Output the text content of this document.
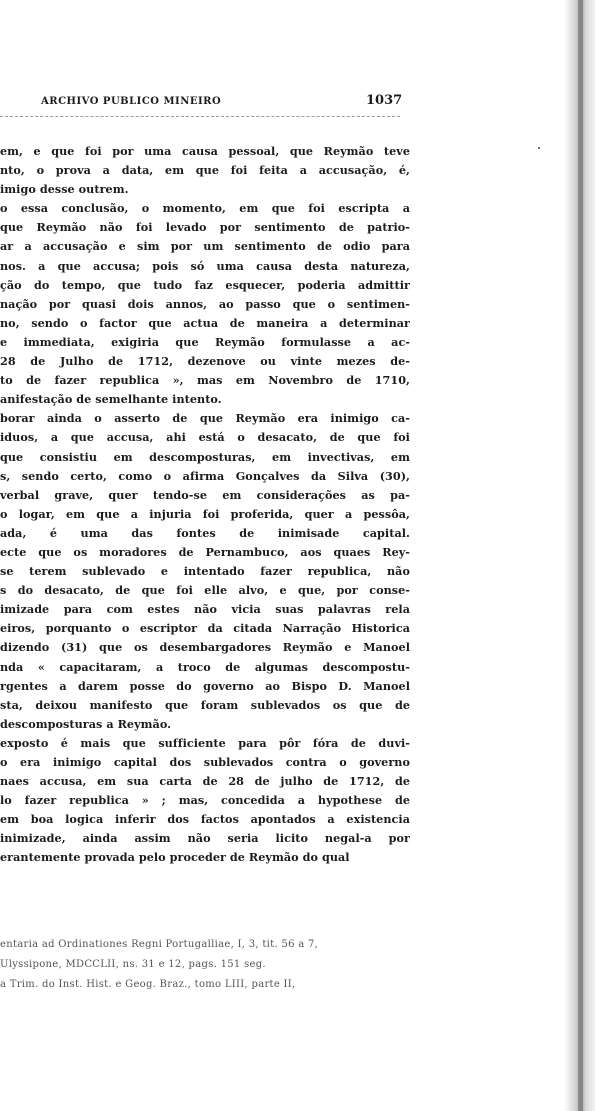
ARCHIVO PUBLICO MINEIRO	1037
em, e que foi por uma causa pessoal, que Reymão teve
nto, o prova a data, em que foi feita a accusação, é,
imigo desse outrem.
o essa conclusão, o momento, em que foi escripta a
que Reymão não foi levado por sentimento de patrio-
ar a accusação e sim por um sentimento de odio para
nos. a que accusa; pois só uma causa desta natureza,
ção do tempo, que tudo faz esquecer, poderia admittir
nação por quasi dois annos, ao passo que o sentimen-
no, sendo o factor que actua de maneira a determinar
e immediata, exigiria que Reymão formulasse a ac-
28 de Julho de 1712, dezenove ou vinte mezes de-
to de fazer republica », mas em Novembro de 1710,
anifestação de semelhante intento.
borar ainda o asserto de que Reymão era inimigo ca-
iduos, a que accusa, ahi está o desacato, de que foi
que consistiu em descomposturas, em invectivas, em
s, sendo certo, como o afirma Gonçalves da Silva (30),
verbal grave, quer tendo-se em considerações as pa-
o logar, em que a injuria foi proferida, quer a pessôa,
ada, é uma das fontes de inimisade capital.
ecte que os moradores de Pernambuco, aos quaes Rey-
se terem sublevado e intentado fazer republica, não
s do desacato, de que foi elle alvo, e que, por conse-
imizade para com estes não vicia suas palavras rela
eiros, porquanto o escriptor da citada Narração Historica
dizendo (31) que os desembargadores Reymão e Manoel
nda « capacitaram, a troco de algumas descompostu-
rgentes a darem posse do governo ao Bispo D. Manoel
sta, deixou manifesto que foram sublevados os que de
descomposturas a Reymão.
exposto é mais que sufficiente para pôr fóra de duvi-
o era inimigo capital dos sublevados contra o governo
naes accusa, em sua carta de 28 de julho de 1712, de
lo fazer republica » ; mas, concedida a hypothese de
em boa logica inferir dos factos apontados a existencia
inimizade, ainda assim não seria licito negal-a por
erantemente provada pelo proceder de Reymão do qual
entaria ad Ordinationes Regni Portugalliae, I, 3, tit. 56 a 7,
Ulyssipone, MDCCLII, ns. 31 e 12, pags. 151 seg.
a Trim. do Inst. Hist. e Geog. Braz., tomo LIII, parte II,
